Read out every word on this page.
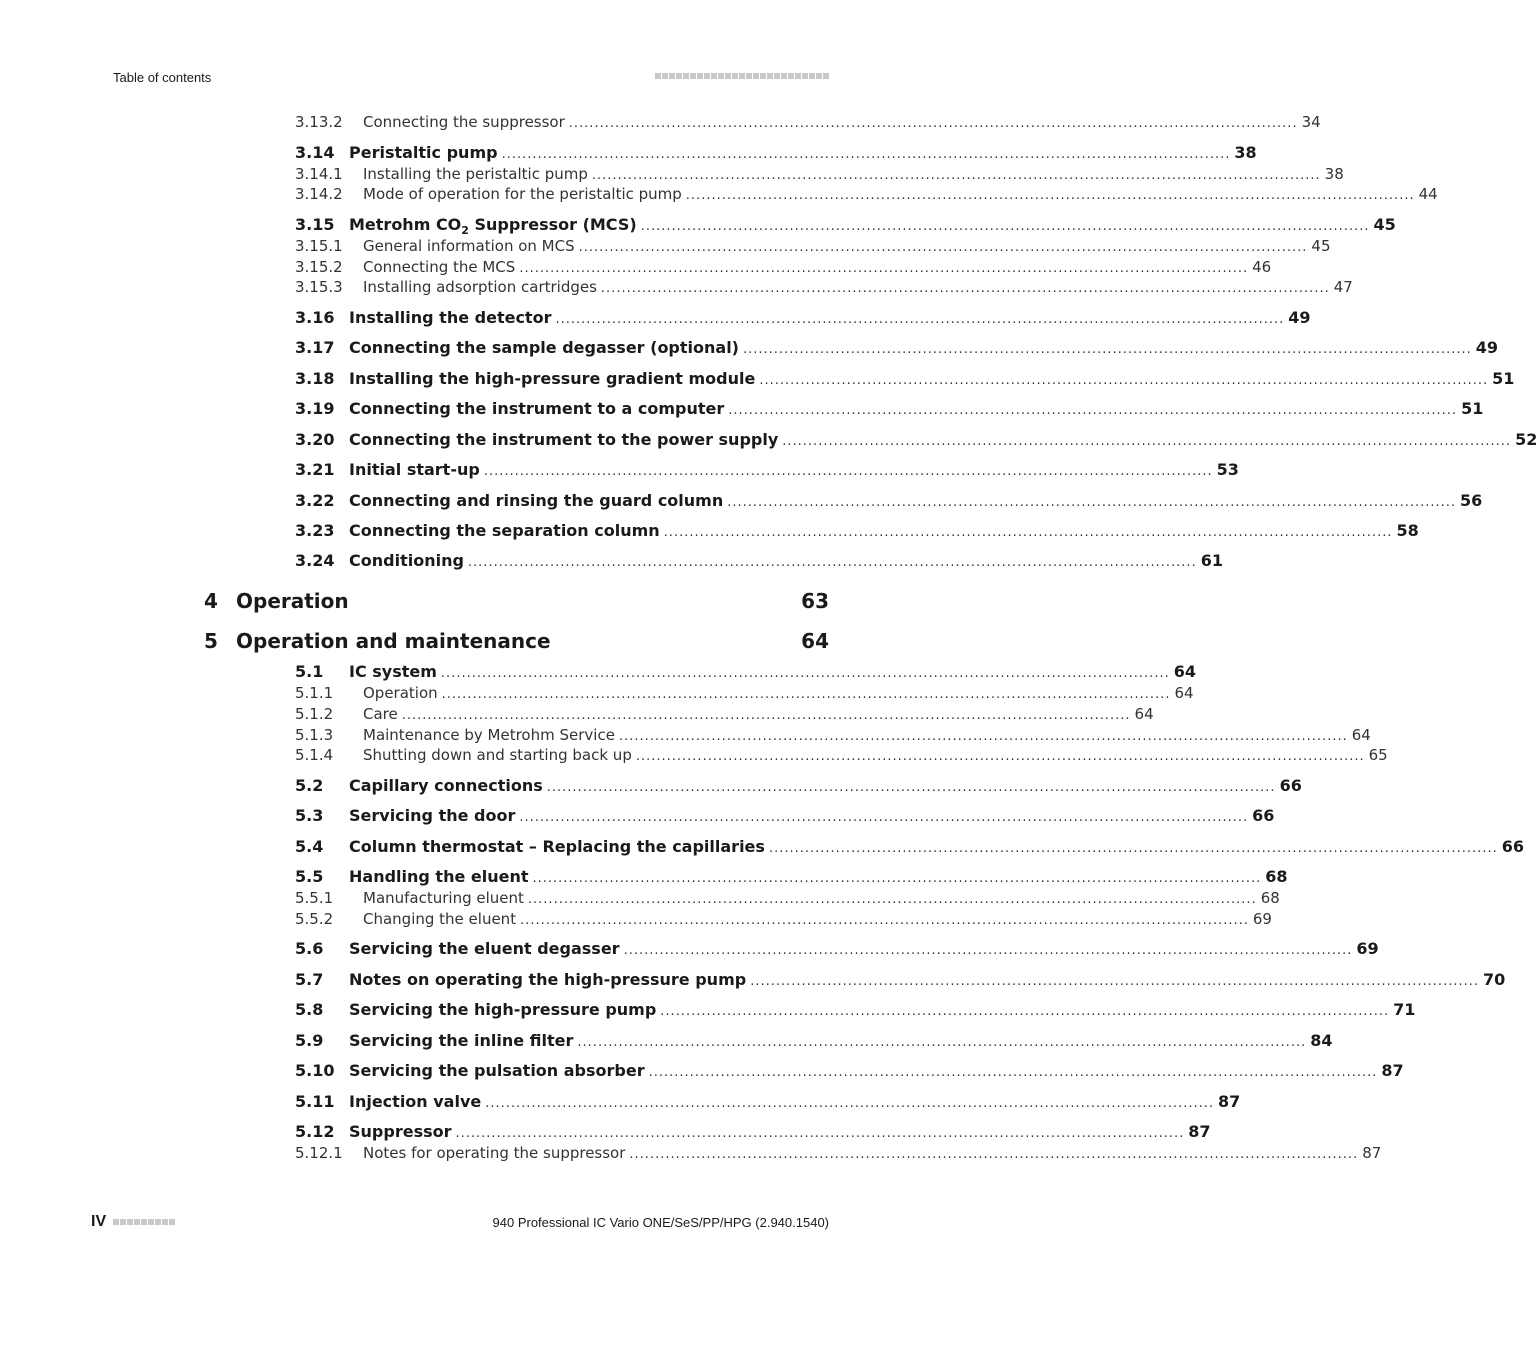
Table of contents
3.13.2	Connecting the suppressor .............................................................................................................................................. 34
3.14 Peristaltic pump .............................................................................................................................................. 38
3.14.1	Installing the peristaltic pump .............................................................................................................................................. 38
3.14.2	Mode of operation for the peristaltic pump .............................................................................................................................................. 44
3.15 Metrohm $CO_2$ Suppressor (MCS) .............................................................................................................................................. 45
3.15.1	General information on MCS .............................................................................................................................................. 45
3.15.2	Connecting the MCS .............................................................................................................................................. 46
3.15.3	Installing adsorption cartridges .............................................................................................................................................. 47
3.16 Installing the detector .............................................................................................................................................. 49
3.17 Connecting the sample degasser (optional) .............................................................................................................................................. 49
3.18 Installing the high-pressure gradient module .............................................................................................................................................. 51
3.19 Connecting the instrument to a computer .............................................................................................................................................. 51
3.20 Connecting the instrument to the power supply .............................................................................................................................................. 52
3.21 Initial start-up .............................................................................................................................................. 53
3.22 Connecting and rinsing the guard column .............................................................................................................................................. 56
3.23 Connecting the separation column .............................................................................................................................................. 58
3.24 Conditioning .............................................................................................................................................. 61
4 Operation	63
5 Operation and maintenance	64
5.1	IC system .............................................................................................................................................. 64
5.1.1	Operation .............................................................................................................................................. 64
5.1.2	Care .............................................................................................................................................. 64
5.1.3	Maintenance by Metrohm Service .............................................................................................................................................. 64
5.1.4	Shutting down and starting back up .............................................................................................................................................. 65
5.2	Capillary connections .............................................................................................................................................. 66
5.3	Servicing the door .............................................................................................................................................. 66
5.4	Column thermostat – Replacing the capillaries .............................................................................................................................................. 66
5.5	Handling the eluent .............................................................................................................................................. 68
5.5.1	Manufacturing eluent .............................................................................................................................................. 68
5.5.2	Changing the eluent .............................................................................................................................................. 69
5.6	Servicing the eluent degasser .............................................................................................................................................. 69
5.7	Notes on operating the high-pressure pump .............................................................................................................................................. 70
5.8	Servicing the high-pressure pump .............................................................................................................................................. 71
5.9	Servicing the inline filter .............................................................................................................................................. 84
5.10 Servicing the pulsation absorber .............................................................................................................................................. 87
5.11 Injection valve .............................................................................................................................................. 87
5.12 Suppressor .............................................................................................................................................. 87
5.12.1	Notes for operating the suppressor .............................................................................................................................................. 87
IV	940 Professional IC Vario ONE/SeS/PP/HPG (2.940.1540)
